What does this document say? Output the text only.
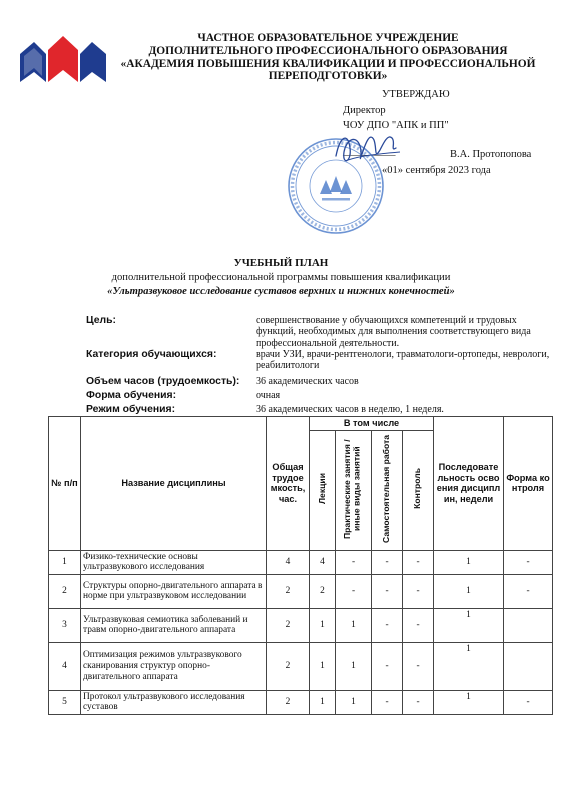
ЧАСТНОЕ ОБРАЗОВАТЕЛЬНОЕ УЧРЕЖДЕНИЕ
ДОПОЛНИТЕЛЬНОГО ПРОФЕССИОНАЛЬНОГО ОБРАЗОВАНИЯ
«АКАДЕМИЯ ПОВЫШЕНИЯ КВАЛИФИКАЦИИ И ПРОФЕССИОНАЛЬНОЙ
ПЕРЕПОДГОТОВКИ»
УТВЕРЖДАЮ
Директор
ЧОУ ДПО "АПК и ПП"
__________	В.А. Протопопова
«01» сентября 2023 года
УЧЕБНЫЙ ПЛАН
дополнительной профессиональной программы повышения квалификации
«Ультразвуковое исследование суставов верхних и нижних конечностей»
Цель:	совершенствование у обучающихся компетенций и трудовых функций, необходимых для выполнения соответствующего вида профессиональной деятельности.
Категория обучающихся:	врачи УЗИ, врачи-рентгенологи, травматологи-ортопеды, неврологи, реабилитологи
Объем часов (трудоемкость): 36 академических часов
Форма обучения:	очная
Режим обучения:	36 академических часов в неделю, 1 неделя.
№ п/п	Название дисциплины	Общая трудоемкость, час.	В том числе				Последовательность освоения дисциплин, недели	Форма контроля
			Лекции	Практические занятия / иные виды занятий	Самостоятельная работа	Контроль		
1	Физико-технические основы ультразвукового исследования	4	4	-	-	-	1	-
2	Структуры опорно-двигательного аппарата в норме при ультразвуковом исследовании	2	2	-	-	-	1	-
3	Ультразвуковая семиотика заболеваний и травм опорно-двигательного аппарата	2	1	1	-	-	1	
4	Оптимизация режимов ультразвукового сканирования структур опорно-двигательного аппарата	2	1	1	-	-	1	
5	Протокол ультразвукового исследования суставов	2	1	1	-	-	1	-
